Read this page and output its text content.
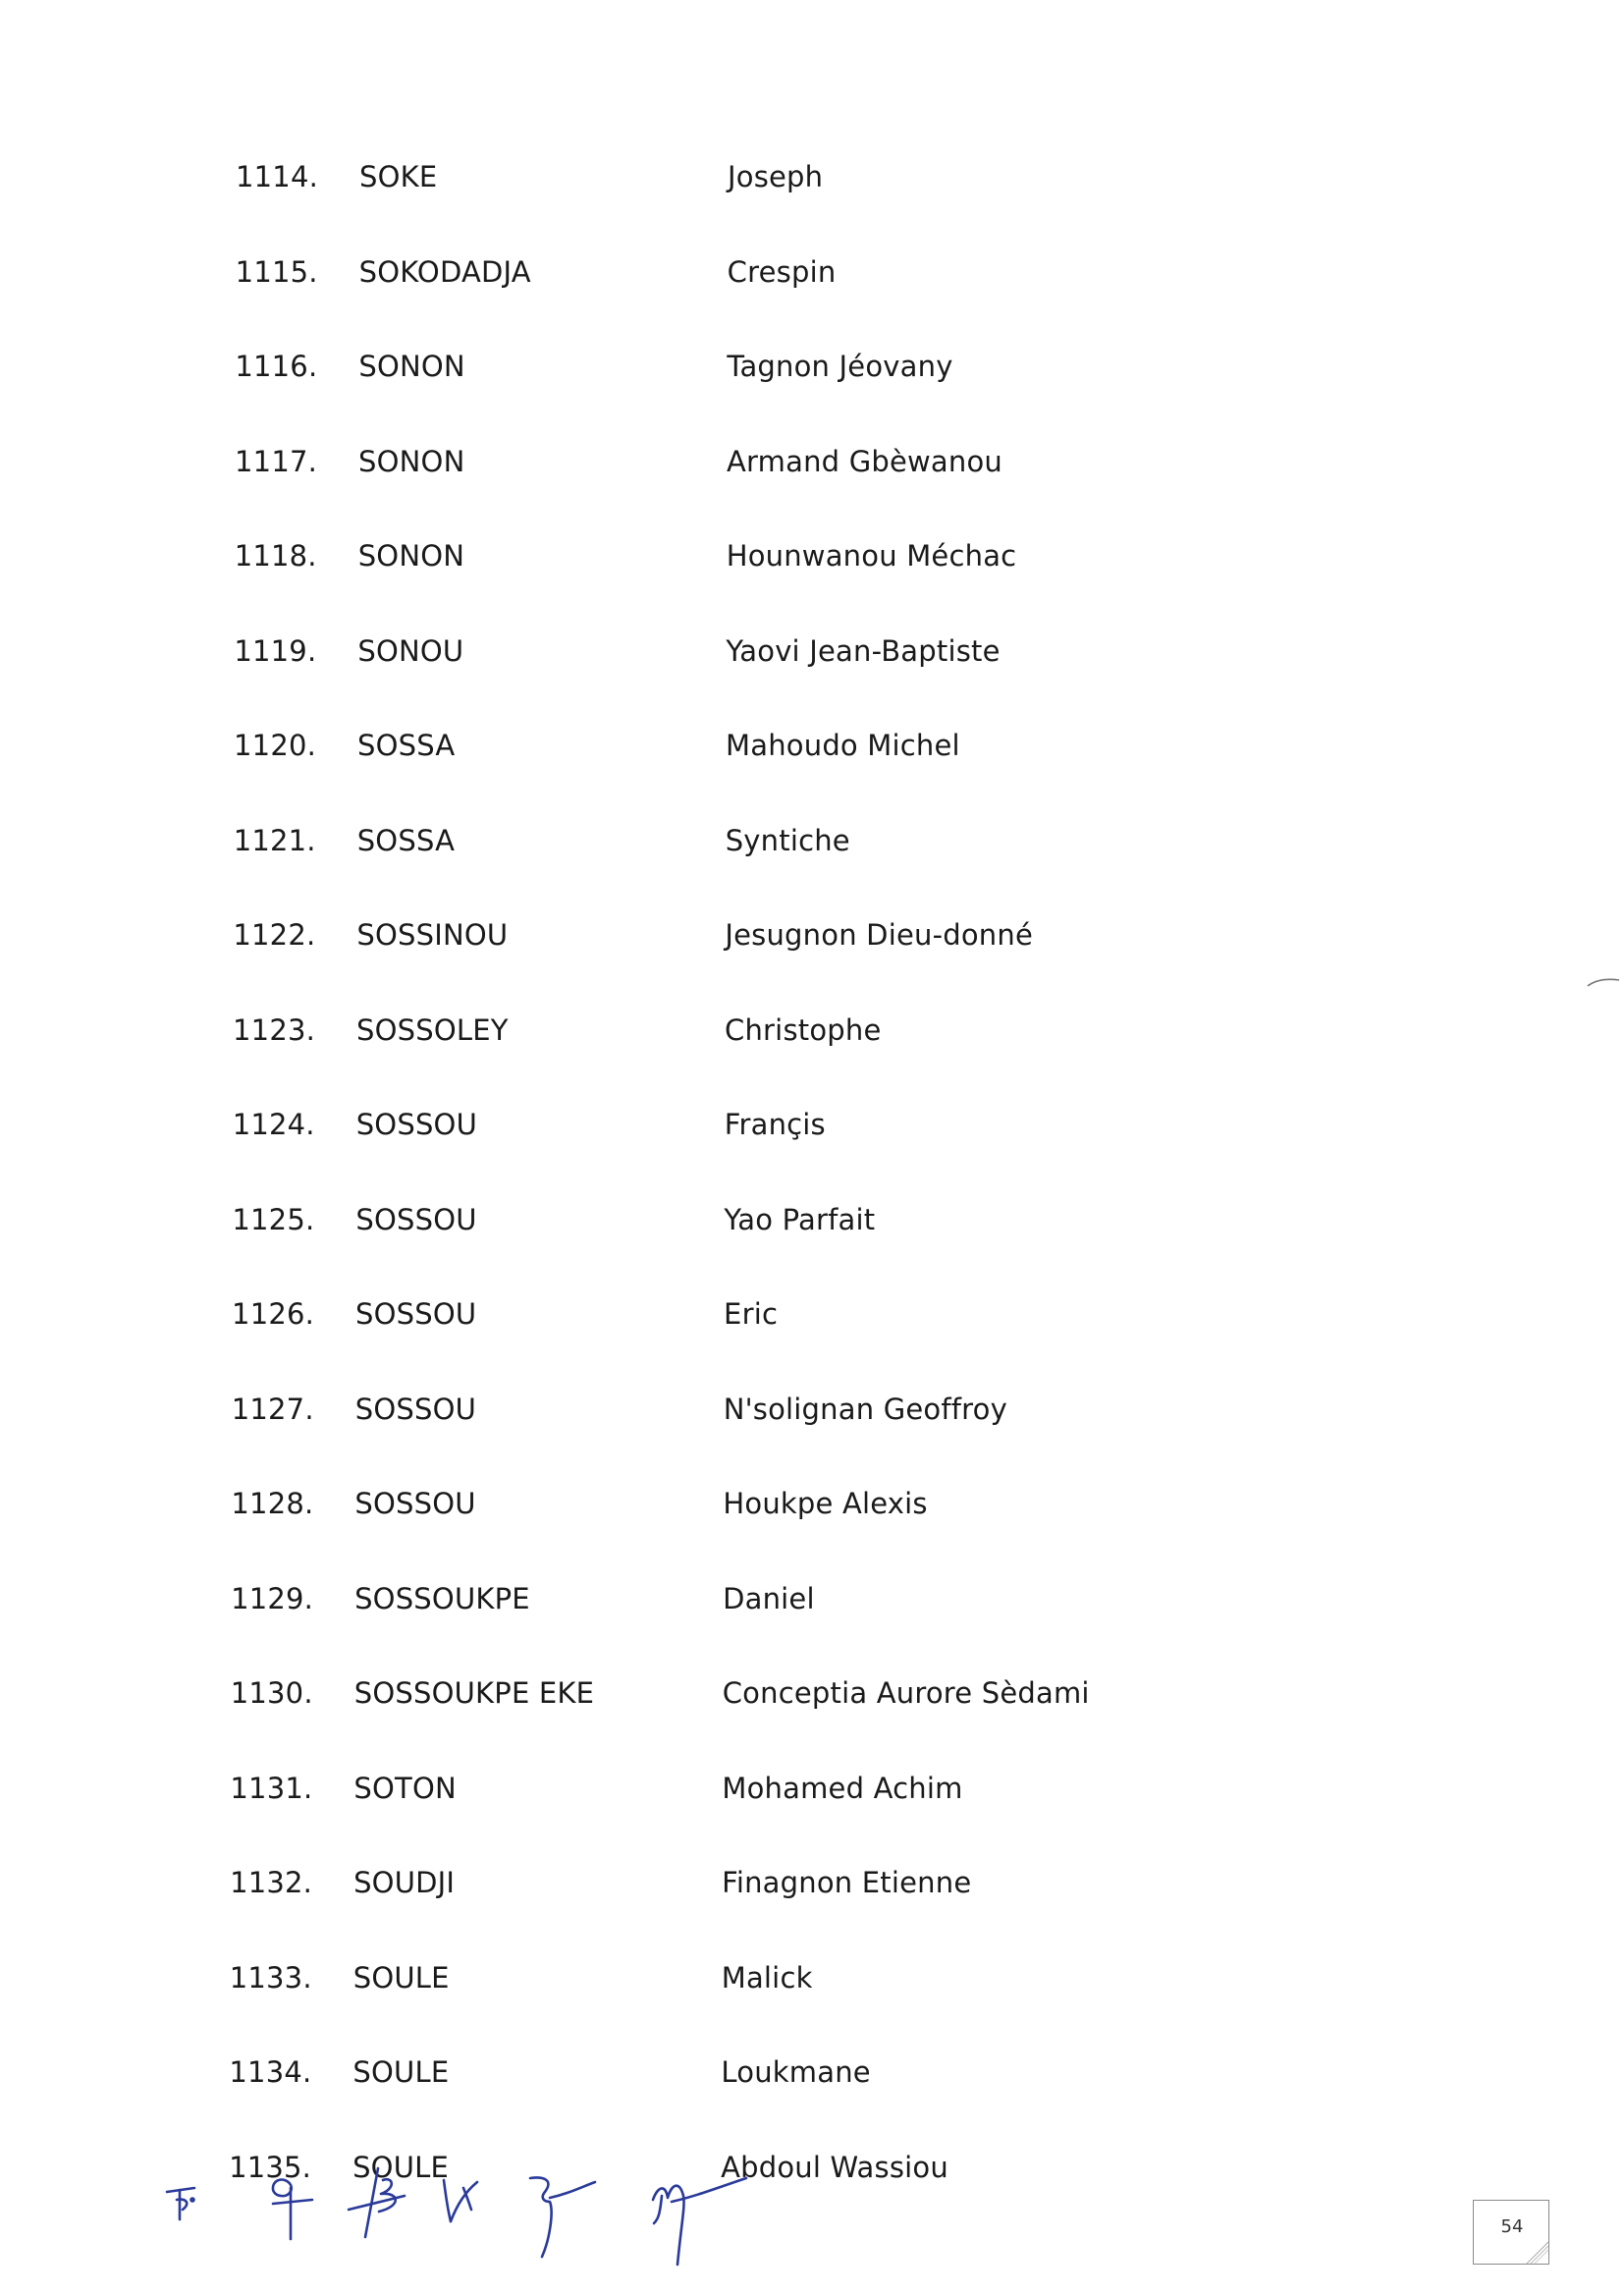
1114.	SOKE	Joseph
1115.	SOKODADJA	Crespin
1116.	SONON	Tagnon Jéovany
1117.	SONON	Armand Gbèwanou
1118.	SONON	Hounwanou Méchac
1119.	SONOU	Yaovi Jean-Baptiste
1120.	SOSSA	Mahoudo Michel
1121.	SOSSA	Syntiche
1122.	SOSSINOU	Jesugnon Dieu-donné
1123.	SOSSOLEY	Christophe
1124.	SOSSOU	Françis
1125.	SOSSOU	Yao Parfait
1126.	SOSSOU	Eric
1127.	SOSSOU	N'solignan Geoffroy
1128.	SOSSOU	Houkpe Alexis
1129.	SOSSOUKPE	Daniel
1130.	SOSSOUKPE EKE	Conceptia Aurore Sèdami
1131.	SOTON	Mohamed Achim
1132.	SOUDJI	Finagnon Etienne
1133.	SOULE	Malick
1134.	SOULE	Loukmane
1135.	SOULE	Abdoul Wassiou
54
